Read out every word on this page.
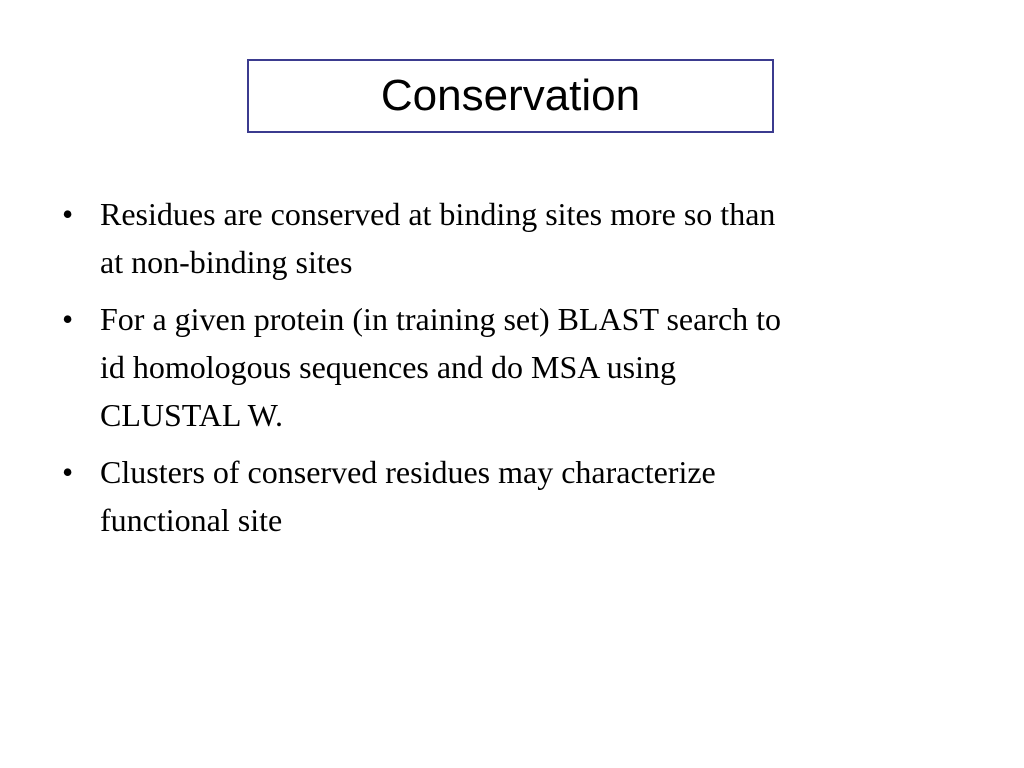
Conservation
• Residues are conserved at binding sites more so than
at non-binding sites
• For a given protein (in training set) BLAST search to
id homologous sequences and do MSA using
CLUSTAL W.
• Clusters of conserved residues may characterize
functional site
